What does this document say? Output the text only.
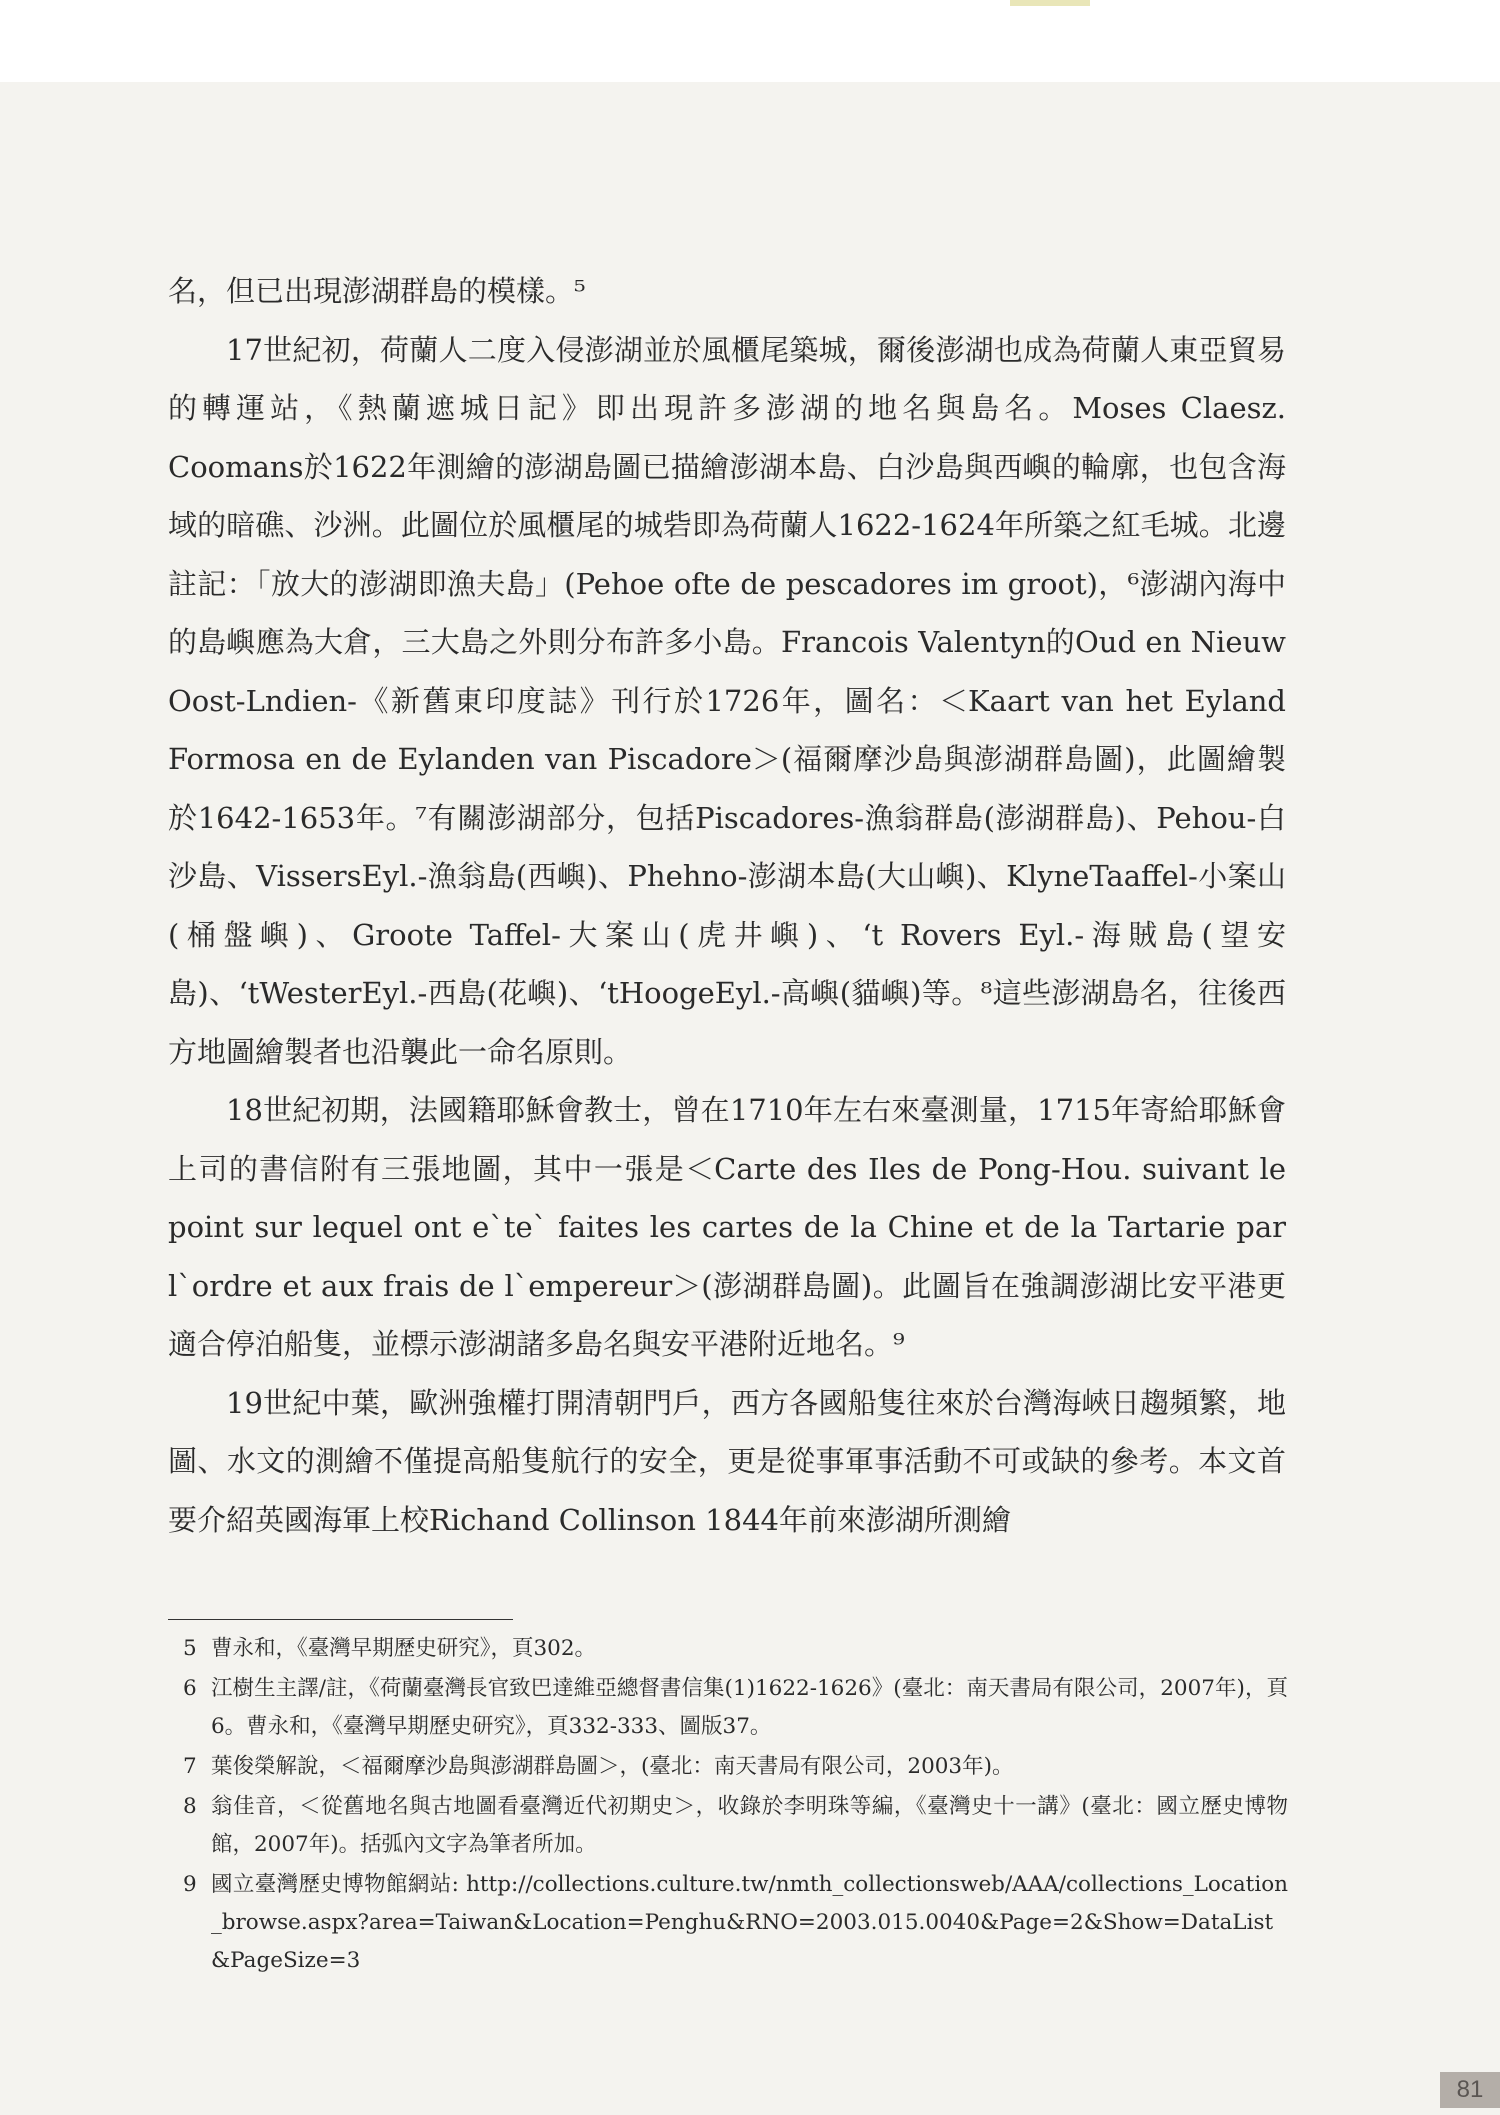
名，但已出現澎湖群島的模樣。⁵

17世紀初，荷蘭人二度入侵澎湖並於風櫃尾築城，爾後澎湖也成為荷蘭人東亞貿易的轉運站，《熱蘭遮城日記》即出現許多澎湖的地名與島名。Moses Claesz. Coomans於1622年測繪的澎湖島圖已描繪澎湖本島、白沙島與西嶼的輪廓，也包含海域的暗礁、沙洲。此圖位於風櫃尾的城砦即為荷蘭人1622-1624年所築之紅毛城。北邊註記：「放大的澎湖即漁夫島」(Pehoe ofte de pescadores im groot)，⁶澎湖內海中的島嶼應為大倉，三大島之外則分布許多小島。Francois Valentyn的Oud en Nieuw Oost-Lndien-《新舊東印度誌》刊行於1726年，圖名：＜Kaart van het Eyland Formosa en de Eylanden van Piscadore＞(福爾摩沙島與澎湖群島圖)，此圖繪製於1642-1653年。⁷有關澎湖部分，包括Piscadores-漁翁群島(澎湖群島)、Pehou-白沙島、VissersEyl.-漁翁島(西嶼)、Phehno-澎湖本島(大山嶼)、KlyneTaaffel-小案山(桶盤嶼)、Groote Taffel-大案山(虎井嶼)、‘t Rovers Eyl.-海賊島(望安島)、‘tWesterEyl.-西島(花嶼)、‘tHoogeEyl.-高嶼(貓嶼)等。⁸這些澎湖島名，往後西方地圖繪製者也沿襲此一命名原則。

18世紀初期，法國籍耶穌會教士，曾在1710年左右來臺測量，1715年寄給耶穌會上司的書信附有三張地圖，其中一張是＜Carte des Iles de Pong-Hou. suivant le point sur lequel ont e`te` faites les cartes de la Chine et de la Tartarie par l`ordre et aux frais de l`empereur＞(澎湖群島圖)。此圖旨在強調澎湖比安平港更適合停泊船隻，並標示澎湖諸多島名與安平港附近地名。⁹

19世紀中葉，歐洲強權打開清朝門戶，西方各國船隻往來於台灣海峽日趨頻繁，地圖、水文的測繪不僅提高船隻航行的安全，更是從事軍事活動不可或缺的參考。本文首要介紹英國海軍上校Richand Collinson 1844年前來澎湖所測繪

5 曹永和，《臺灣早期歷史研究》，頁302。
6 江樹生主譯/註，《荷蘭臺灣長官致巴達維亞總督書信集(1)1622-1626》(臺北：南天書局有限公司，2007年)，頁6。曹永和，《臺灣早期歷史研究》，頁332-333、圖版37。
7 葉俊榮解說，＜福爾摩沙島與澎湖群島圖＞，(臺北：南天書局有限公司，2003年)。
8 翁佳音，＜從舊地名與古地圖看臺灣近代初期史＞，收錄於李明珠等編，《臺灣史十一講》(臺北：國立歷史博物館，2007年)。括弧內文字為筆者所加。
9 國立臺灣歷史博物館網站: http://collections.culture.tw/nmth_collectionsweb/AAA/collections_Location_browse.aspx?area=Taiwan&Location=Penghu&RNO=2003.015.0040&Page=2&Show=DataList&PageSize=3
81
